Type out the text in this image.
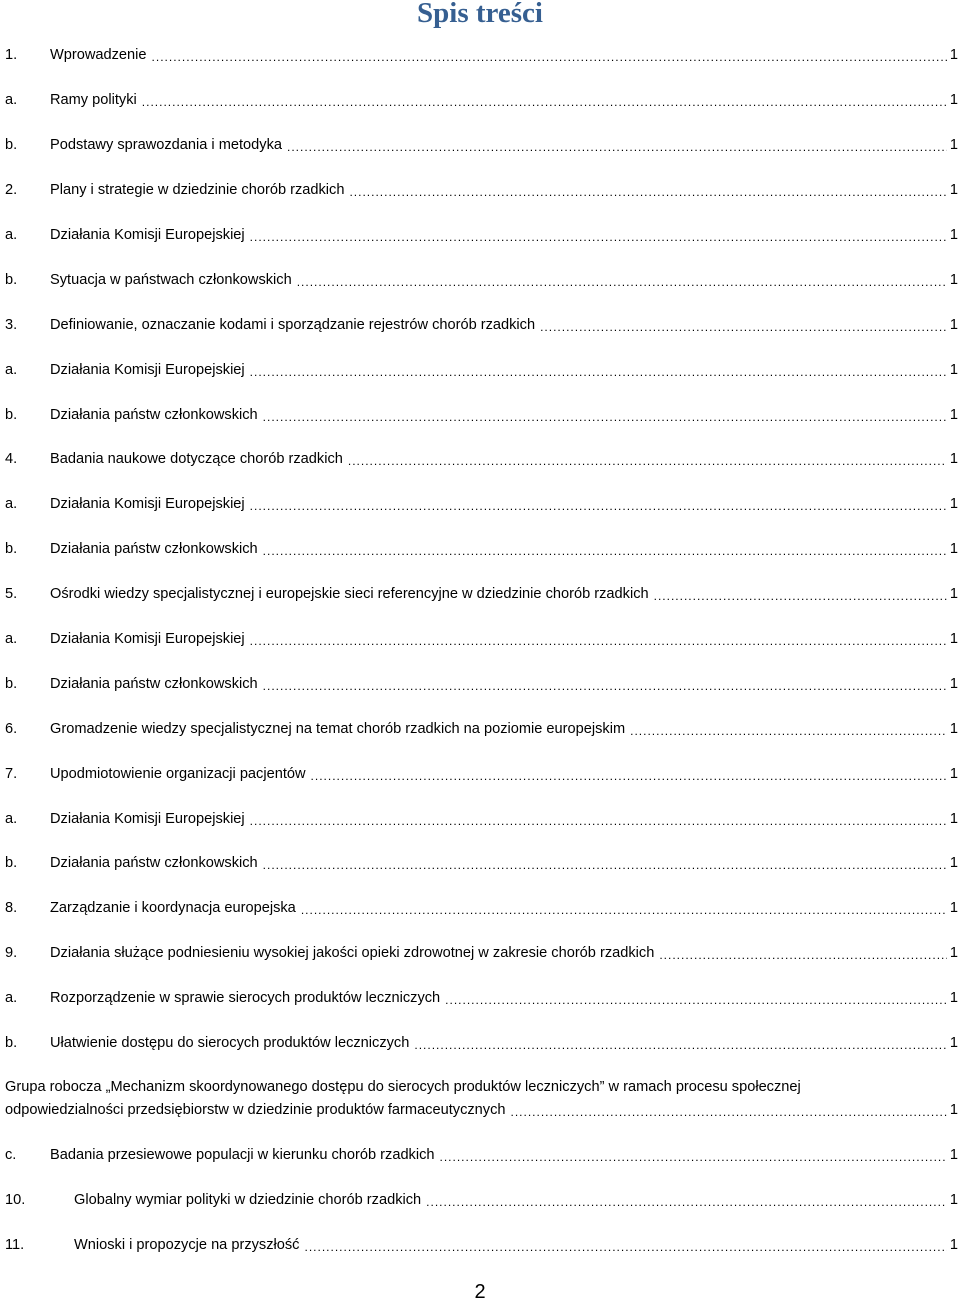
Spis treści
1.	Wprowadzenie .....	1
a.	Ramy polityki .....	1
b.	Podstawy sprawozdania i metodyka .....	1
2.	Plany i strategie w dziedzinie chorób rzadkich .....	1
a.	Działania Komisji Europejskiej .....	1
b.	Sytuacja w państwach członkowskich .....	1
3.	Definiowanie, oznaczanie kodami i sporządzanie rejestrów chorób rzadkich .....	1
a.	Działania Komisji Europejskiej .....	1
b.	Działania państw członkowskich .....	1
4.	Badania naukowe dotyczące chorób rzadkich .....	1
a.	Działania Komisji Europejskiej .....	1
b.	Działania państw członkowskich .....	1
5.	Ośrodki wiedzy specjalistycznej i europejskie sieci referencyjne w dziedzinie chorób rzadkich .....	1
a.	Działania Komisji Europejskiej .....	1
b.	Działania państw członkowskich .....	1
6.	Gromadzenie wiedzy specjalistycznej na temat chorób rzadkich na poziomie europejskim .....	1
7.	Upodmiotowienie organizacji pacjentów .....	1
a.	Działania Komisji Europejskiej .....	1
b.	Działania państw członkowskich .....	1
8.	Zarządzanie i koordynacja europejska .....	1
9.	Działania służące podniesieniu wysokiej jakości opieki zdrowotnej w zakresie chorób rzadkich .....	1
a.	Rozporządzenie w sprawie sierocych produktów leczniczych .....	1
b.	Ułatwienie dostępu do sierocych produktów leczniczych .....	1
Grupa robocza „Mechanizm skoordynowanego dostępu do sierocych produktów leczniczych” w ramach procesu społecznej
odpowiedzialności przedsiębiorstw w dziedzinie produktów farmaceutycznych .....	1
c.	Badania przesiewowe populacji w kierunku chorób rzadkich .....	1
10.	Globalny wymiar polityki w dziedzinie chorób rzadkich .....	1
11.	Wnioski i propozycje na przyszłość .....	1
2
